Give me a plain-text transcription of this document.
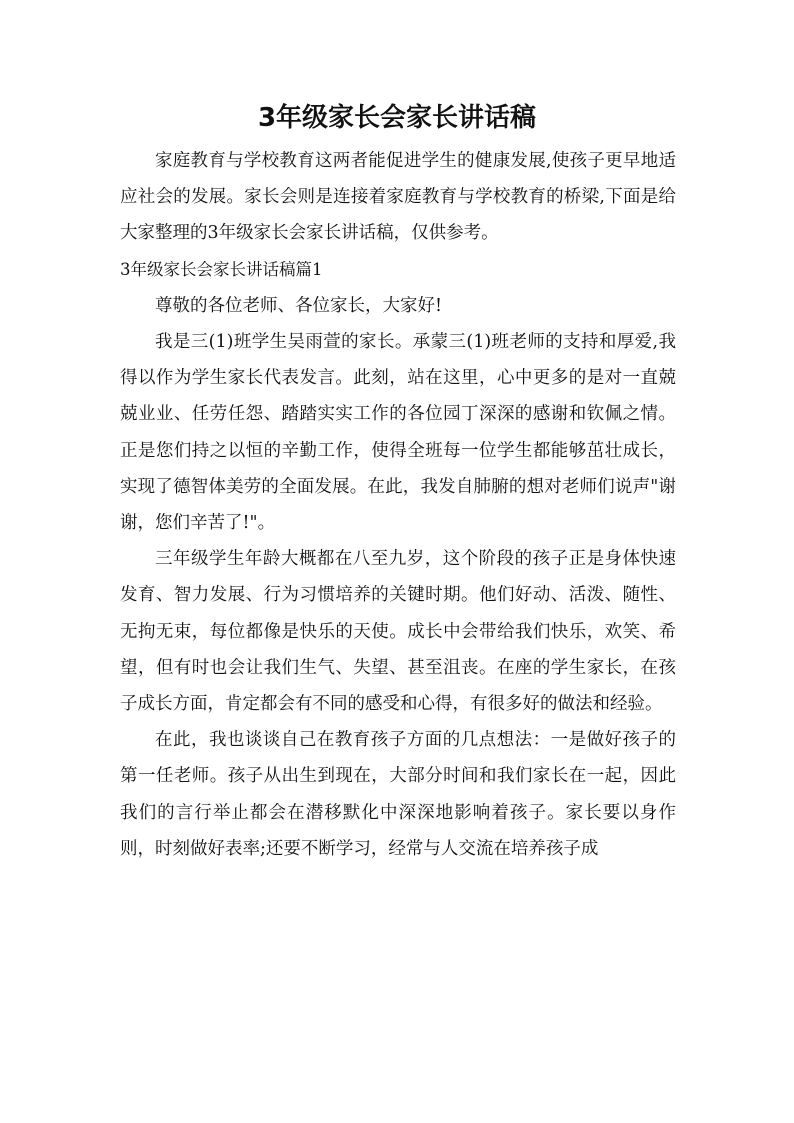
3年级家长会家长讲话稿

家庭教育与学校教育这两者能促进学生的健康发展,使孩子更早地适应社会的发展。家长会则是连接着家庭教育与学校教育的桥梁,下面是给大家整理的3年级家长会家长讲话稿，仅供参考。

3年级家长会家长讲话稿篇1

尊敬的各位老师、各位家长，大家好!

我是三(1)班学生吴雨萱的家长。承蒙三(1)班老师的支持和厚爱,我得以作为学生家长代表发言。此刻，站在这里，心中更多的是对一直兢兢业业、任劳任怨、踏踏实实工作的各位园丁深深的感谢和钦佩之情。正是您们持之以恒的辛勤工作，使得全班每一位学生都能够茁壮成长，实现了德智体美劳的全面发展。在此，我发自肺腑的想对老师们说声"谢谢，您们辛苦了!"。

三年级学生年龄大概都在八至九岁，这个阶段的孩子正是身体快速发育、智力发展、行为习惯培养的关键时期。他们好动、活泼、随性、无拘无束，每位都像是快乐的天使。成长中会带给我们快乐，欢笑、希望，但有时也会让我们生气、失望、甚至沮丧。在座的学生家长，在孩子成长方面，肯定都会有不同的感受和心得，有很多好的做法和经验。

在此，我也谈谈自己在教育孩子方面的几点想法：一是做好孩子的第一任老师。孩子从出生到现在，大部分时间和我们家长在一起，因此我们的言行举止都会在潜移默化中深深地影响着孩子。家长要以身作则，时刻做好表率;还要不断学习，经常与人交流在培养孩子成
